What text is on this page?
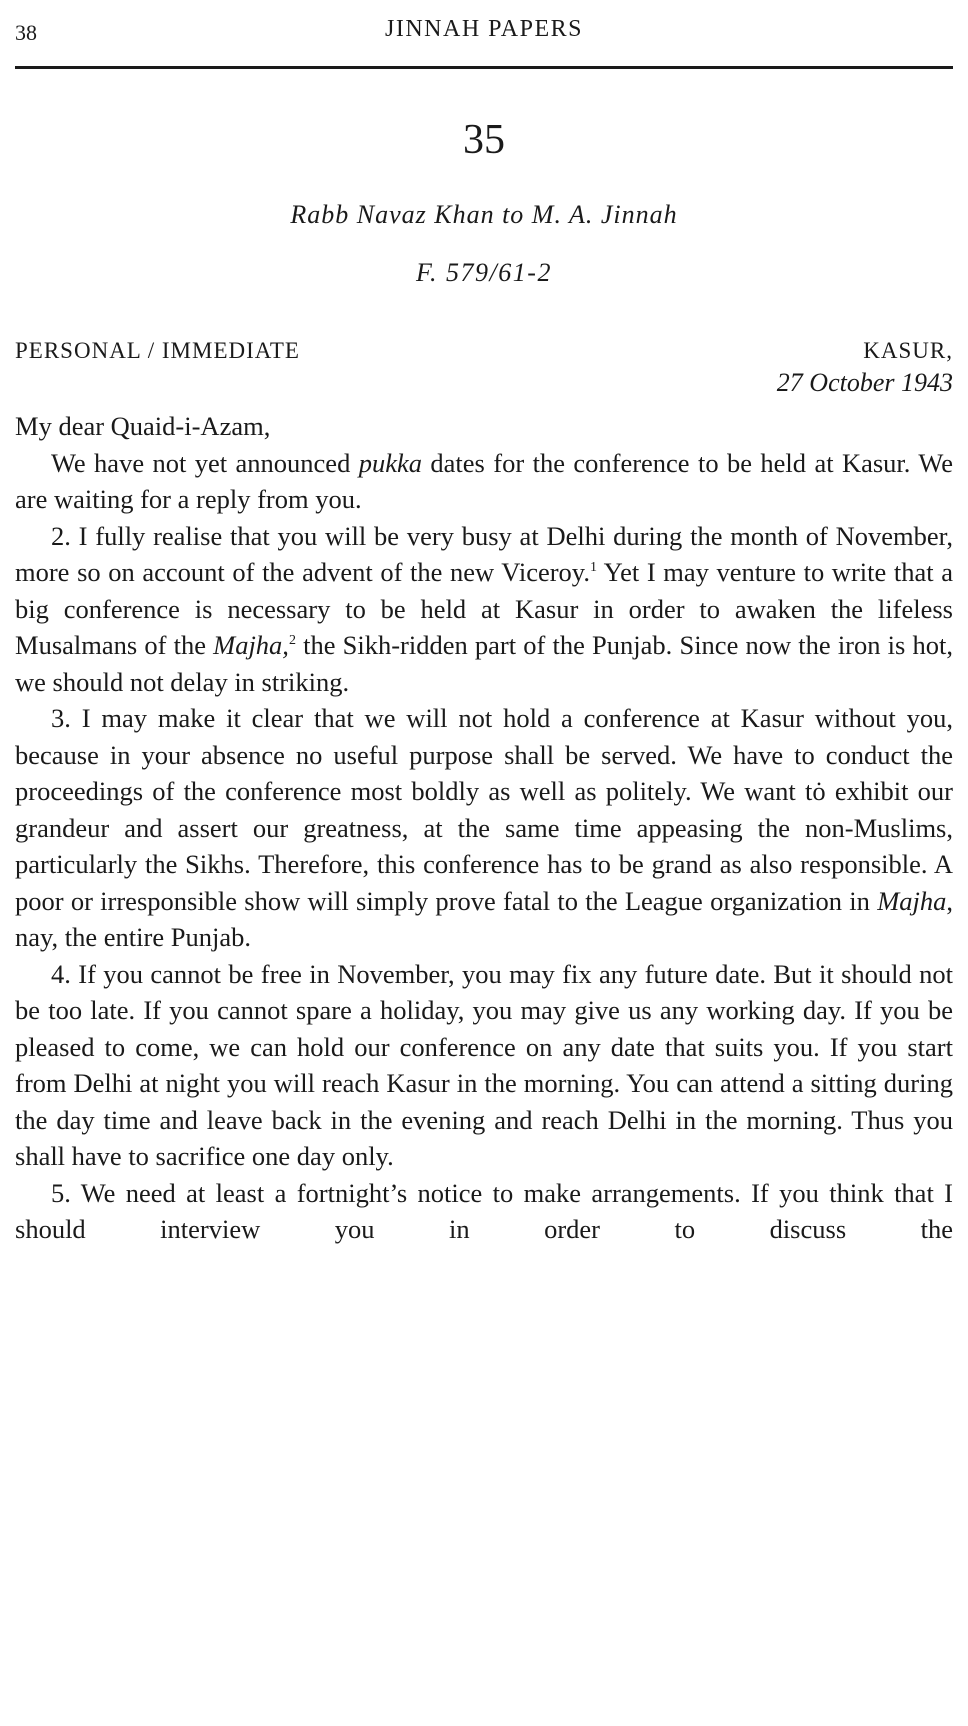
38	JINNAH PAPERS
35
Rabb Navaz Khan to M. A. Jinnah
F. 579/61-2
PERSONAL / IMMEDIATE	KASUR,
27 October 1943

My dear Quaid-i-Azam,

We have not yet announced pukka dates for the conference to be held at Kasur. We are waiting for a reply from you.

2. I fully realise that you will be very busy at Delhi during the month of November, more so on account of the advent of the new Viceroy.$^1$ Yet I may venture to write that a big conference is necessary to be held at Kasur in order to awaken the lifeless Musalmans of the Majha,$^2$ the Sikh-ridden part of the Punjab. Since now the iron is hot, we should not delay in striking.

3. I may make it clear that we will not hold a conference at Kasur without you, because in your absence no useful purpose shall be served. We have to conduct the proceedings of the conference most boldly as well as politely. We want tȯ exhibit our grandeur and assert our greatness, at the same time appeasing the non-Muslims, particularly the Sikhs. Therefore, this conference has to be grand as also responsible. A poor or irresponsible show will simply prove fatal to the League organization in Majha, nay, the entire Punjab.

4. If you cannot be free in November, you may fix any future date. But it should not be too late. If you cannot spare a holiday, you may give us any working day. If you be pleased to come, we can hold our conference on any date that suits you. If you start from Delhi at night you will reach Kasur in the morning. You can attend a sitting during the day time and leave back in the evening and reach Delhi in the morning. Thus you shall have to sacrifice one day only.

5. We need at least a fortnight’s notice to make arrangements. If you think that I should interview you in order to discuss the
